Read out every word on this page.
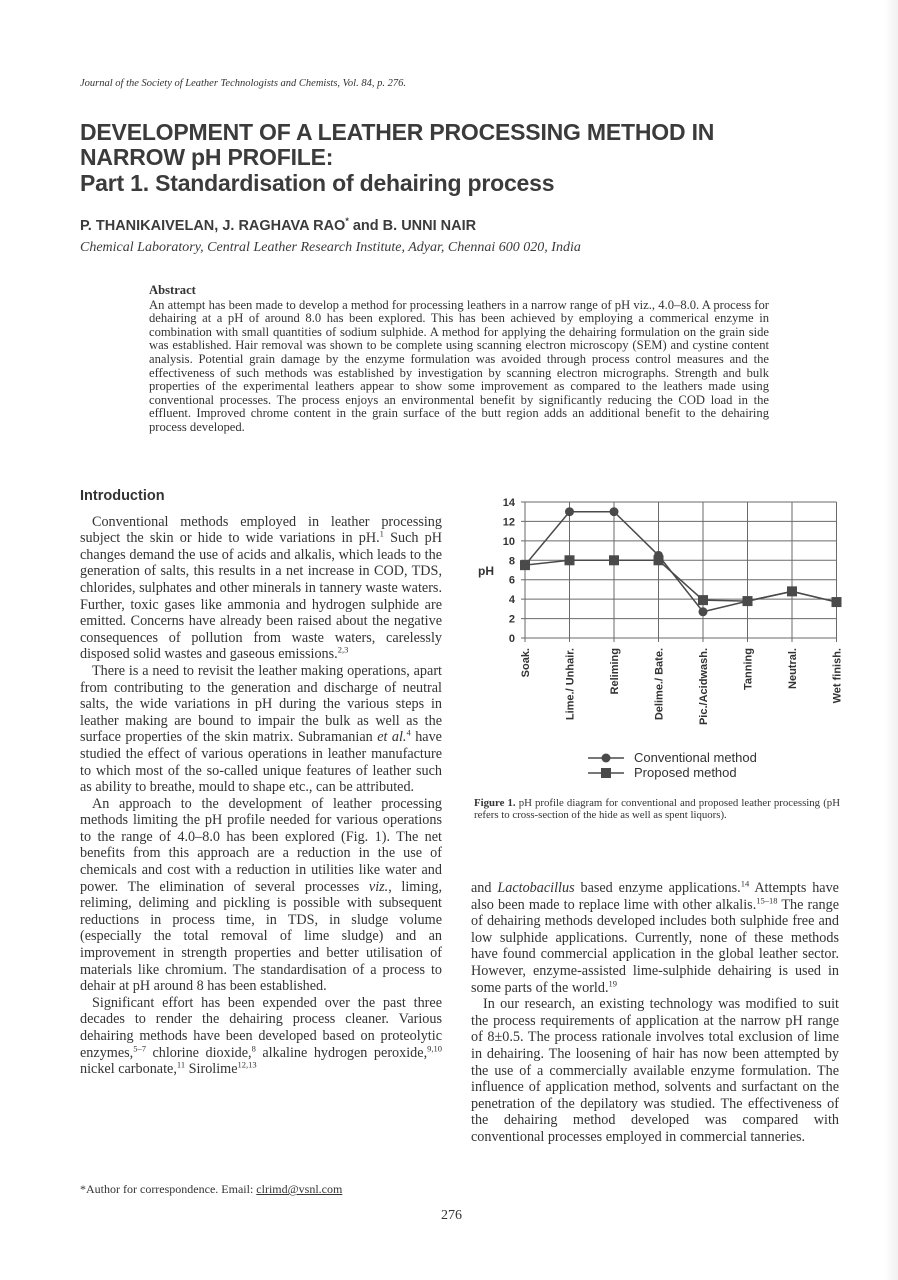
Journal of the Society of Leather Technologists and Chemists, Vol. 84, p. 276.
DEVELOPMENT OF A LEATHER PROCESSING METHOD IN
NARROW pH PROFILE:
Part 1. Standardisation of dehairing process
P. THANIKAIVELAN, J. RAGHAVA RAO* and B. UNNI NAIR
Chemical Laboratory, Central Leather Research Institute, Adyar, Chennai 600 020, India
Abstract

An attempt has been made to develop a method for processing leathers in a narrow range of pH viz., 4.0–8.0. A process for dehairing at a pH of around 8.0 has been explored. This has been achieved by employing a commerical enzyme in combination with small quantities of sodium sulphide. A method for applying the dehairing formulation on the grain side was established. Hair removal was shown to be complete using scanning electron microscopy (SEM) and cystine content analysis. Potential grain damage by the enzyme formulation was avoided through process control measures and the effectiveness of such methods was established by investigation by scanning electron micrographs. Strength and bulk properties of the experimental leathers appear to show some improvement as compared to the leathers made using conventional processes. The process enjoys an environmental benefit by significantly reducing the COD load in the effluent. Improved chrome content in the grain surface of the butt region adds an additional benefit to the dehairing process developed.

Introduction

Conventional methods employed in leather processing subject the skin or hide to wide variations in pH.$^1$ Such pH changes demand the use of acids and alkalis, which leads to the generation of salts, this results in a net increase in COD, TDS, chlorides, sulphates and other minerals in tannery waste waters. Further, toxic gases like ammonia and hydrogen sulphide are emitted. Concerns have already been raised about the negative consequences of pollution from waste waters, carelessly disposed solid wastes and gaseous emissions.$^{2,3}$

There is a need to revisit the leather making operations, apart from contributing to the generation and discharge of neutral salts, the wide variations in pH during the various steps in leather making are bound to impair the bulk as well as the surface properties of the skin matrix. Subramanian et al.$^4$ have studied the effect of various operations in leather manufacture to which most of the so-called unique features of leather such as ability to breathe, mould to shape etc., can be attributed.

An approach to the development of leather processing methods limiting the pH profile needed for various operations to the range of 4.0–8.0 has been explored (Fig. 1). The net benefits from this approach are a reduction in the use of chemicals and cost with a reduction in utilities like water and power. The elimination of several processes viz., liming, reliming, deliming and pickling is possible with subsequent reductions in process time, in TDS, in sludge volume (especially the total removal of lime sludge) and an improvement in strength properties and better utilisation of materials like chromium. The standardisation of a process to dehair at pH around 8 has been established.

Significant effort has been expended over the past three decades to render the dehairing process cleaner. Various dehairing methods have been developed based on proteolytic enzymes,$^{5-7}$ chlorine dioxide,$^8$ alkaline hydrogen peroxide,$^{9,10}$ nickel carbonate,$^{11}$ Sirolime$^{12,13}$

*Author for correspondence. Email: clrimd@vsnl.com
0
2
4
6
8
10
12
14
Soak.	Lime./ Unhair.	Reliming	Delime./ Bate.	Pic./Acidwash.	Tanning	Neutral.	Wet finish.
pH
Conventional method
Proposed method
Figure 1. pH profile diagram for conventional and proposed leather processing (pH refers to cross-section of the hide as well as spent liquors).

and Lactobacillus based enzyme applications.$^{14}$ Attempts have also been made to replace lime with other alkalis.$^{15-18}$ The range of dehairing methods developed includes both sulphide free and low sulphide applications. Currently, none of these methods have found commercial application in the global leather sector. However, enzyme-assisted lime-sulphide dehairing is used in some parts of the world.$^{19}$

In our research, an existing technology was modified to suit the process requirements of application at the narrow pH range of 8±0.5. The process rationale involves total exclusion of lime in dehairing. The loosening of hair has now been attempted by the use of a commercially available enzyme formulation. The influence of application method, solvents and surfactant on the penetration of the depilatory was studied. The effectiveness of the dehairing method developed was compared with conventional processes employed in commercial tanneries.

276
